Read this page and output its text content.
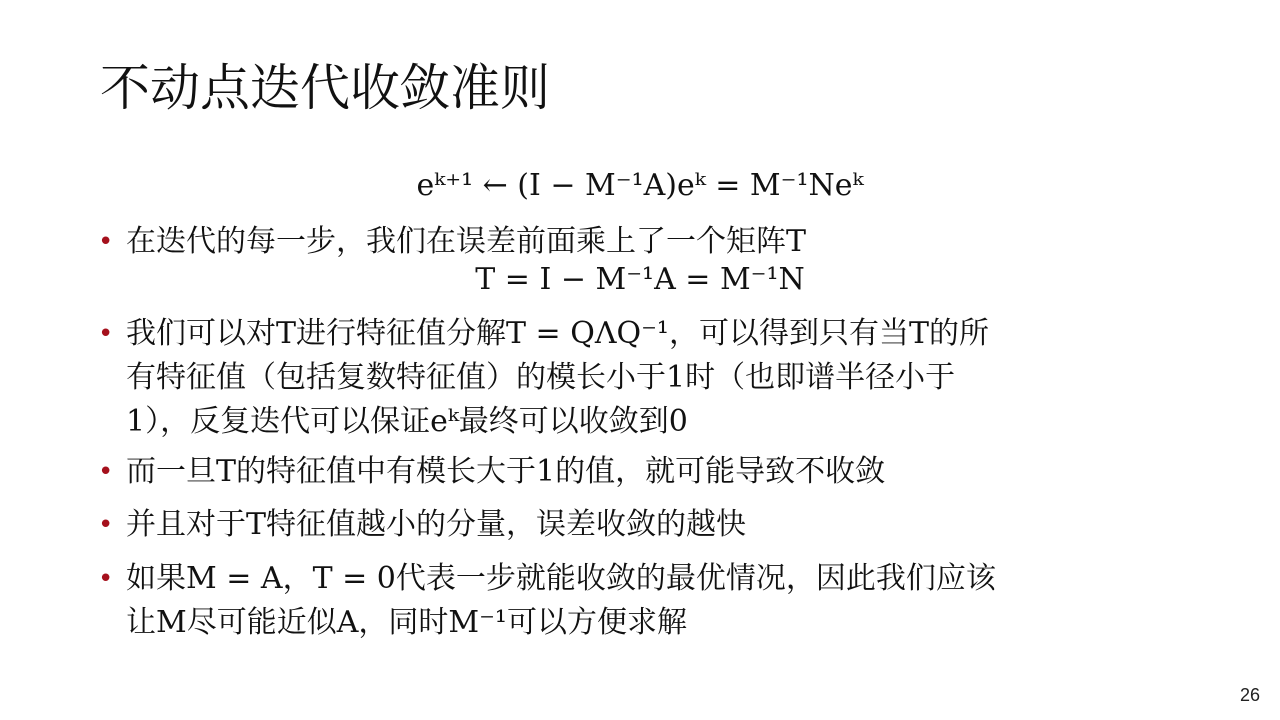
不动点迭代收敛准则
eᵏ⁺¹ ← (I − M⁻¹A)eᵏ = M⁻¹Neᵏ
• 在迭代的每一步，我们在误差前面乘上了一个矩阵T
T = I − M⁻¹A = M⁻¹N
• 我们可以对T进行特征值分解T = QΛQ⁻¹，可以得到只有当T的所
有特征值（包括复数特征值）的模长小于1时（也即谱半径小于
1），反复迭代可以保证eᵏ最终可以收敛到0
• 而一旦T的特征值中有模长大于1的值，就可能导致不收敛
• 并且对于T特征值越小的分量，误差收敛的越快
• 如果M = A，T = 0代表一步就能收敛的最优情况，因此我们应该
让M尽可能近似A，同时M⁻¹可以方便求解
26
